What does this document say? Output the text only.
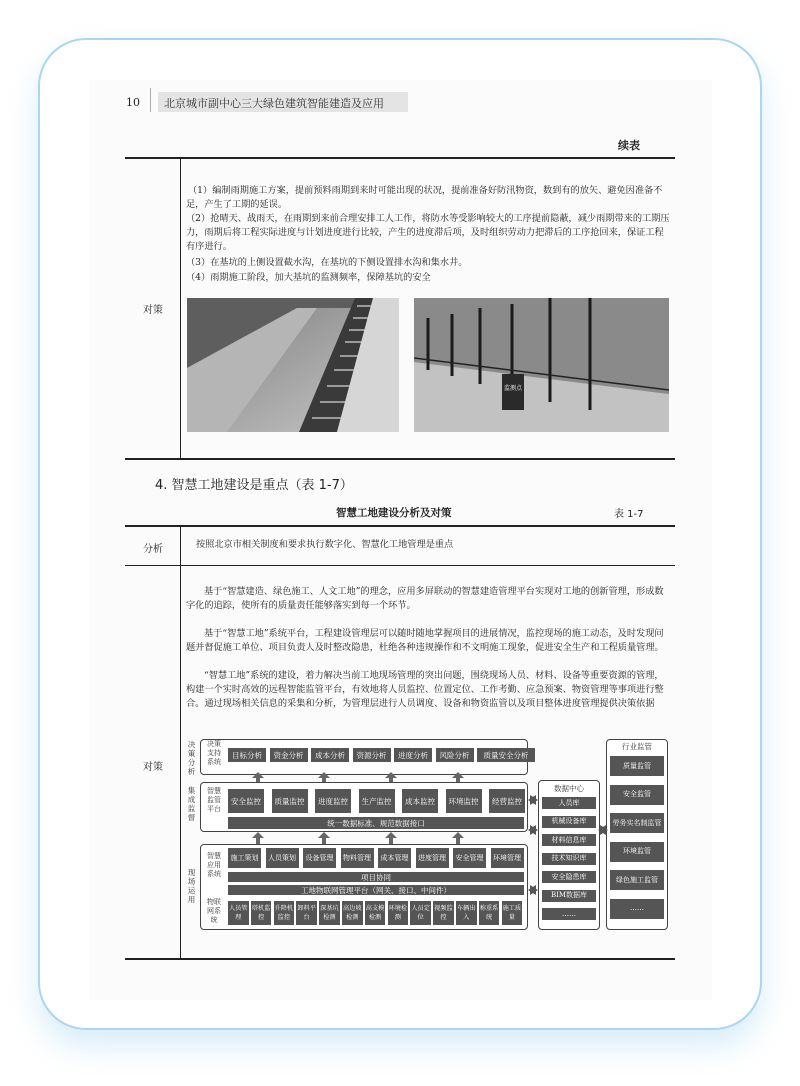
10	北京城市副中心三大绿色建筑智能建造及应用
续表
对策
（1）编制雨期施工方案，提前预料雨期到来时可能出现的状况，提前准备好防汛物资，数到有的放矢、避免因准备不足，产生了工期的延误。
（2）抢晴天、战雨天，在雨期到来前合理安排工人工作，将防水等受影响较大的工序提前隐蔽，减少雨期带来的工期压力，雨期后将工程实际进度与计划进度进行比较，产生的进度滞后项，及时组织劳动力把滞后的工序抢回来，保证工程有序进行。
（3）在基坑的上侧设置截水沟，在基坑的下侧设置排水沟和集水井。
（4）雨期施工阶段，加大基坑的监测频率，保障基坑的安全
监测点
4. 智慧工地建设是重点（表 1-7）
智慧工地建设分析及对策	表 1-7
分析	按照北京市相关制度和要求执行数字化、智慧化工地管理是重点
对策
基于“智慧建造、绿色施工、人文工地”的理念，应用多屏联动的智慧建造管理平台实现对工地的创新管理，形成数字化的追踪，使所有的质量责任能够落实到每一个环节。
基于“智慧工地”系统平台，工程建设管理层可以随时随地掌握项目的进展情况，监控现场的施工动态，及时发现问题并督促施工单位、项目负责人及时整改隐患，杜绝各种违规操作和不文明施工现象，促进安全生产和工程质量管理。
“智慧工地”系统的建设，着力解决当前工地现场管理的突出问题，围绕现场人员、材料、设备等重要资源的管理，构建一个实时高效的远程智能监管平台，有效地将人员监控、位置定位、工作考勤、应急预案、物资管理等事项进行整合。通过现场相关信息的采集和分析，为管理层进行人员调度、设备和物资监管以及项目整体进度管理提供决策依据
决策分析
决策支持系统
目标分析	资金分析	成本分析	资源分析	进度分析	风险分析	质量安全分析
集成监督
智慧监管平台
安全监控	质量监控	进度监控	生产监控	成本监控	环境监控	经营监控
统一数据标准、规范数据接口
现场运用
智慧应用系统
施工策划	人员策划	设备管理	物料管理	成本管理	进度管理	安全管理	环境管理
项目协同
工地物联网管理平台（网关、接口、中间件）
物联网系统
人员管理
塔机监控
升降机监控
卸料平台
深基坑检测
高边坡检测
高支模检测
环境检测
人员定位
视频监控
车辆出入
称重系统
施工质量
数据中心
人员库
机械设备库
材料信息库
技术知识库
安全隐患库
BIM数据库
……
行业监管
质量监管
安全监管
劳务实名制监管
环境监管
绿色施工监管
……
